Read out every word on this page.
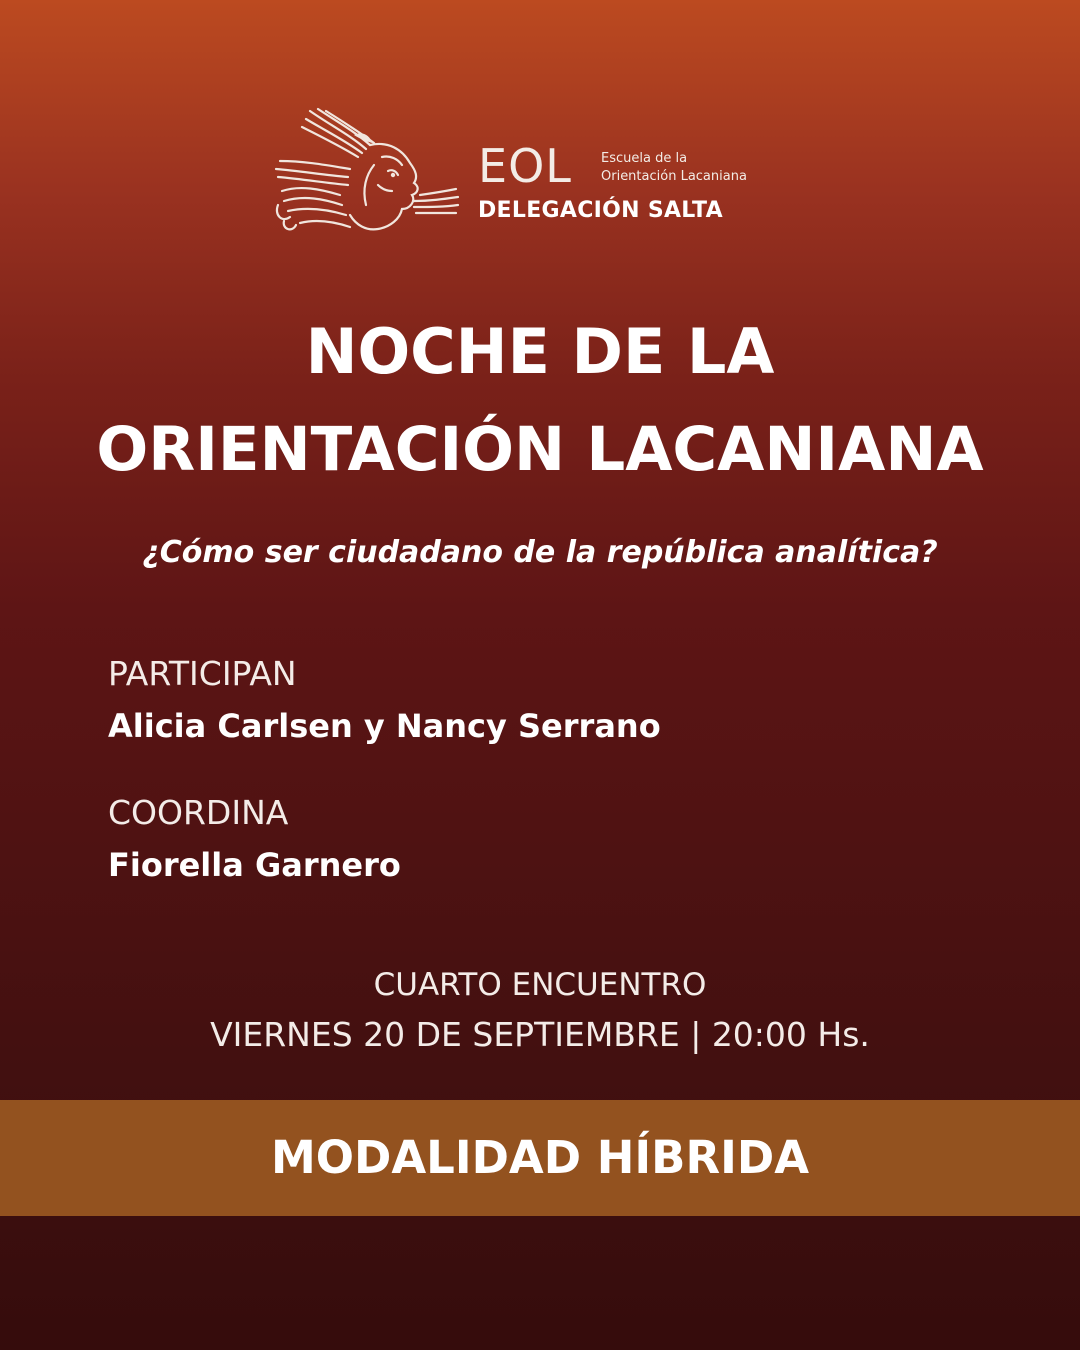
EOL Escuela de la
Orientación Lacaniana
DELEGACIÓN SALTA
NOCHE DE LA
ORIENTACIÓN LACANIANA
¿Cómo ser ciudadano de la república analítica?
PARTICIPAN
Alicia Carlsen y Nancy Serrano
COORDINA
Fiorella Garnero
CUARTO ENCUENTRO
VIERNES 20 DE SEPTIEMBRE | 20:00 Hs.
MODALIDAD HÍBRIDA
